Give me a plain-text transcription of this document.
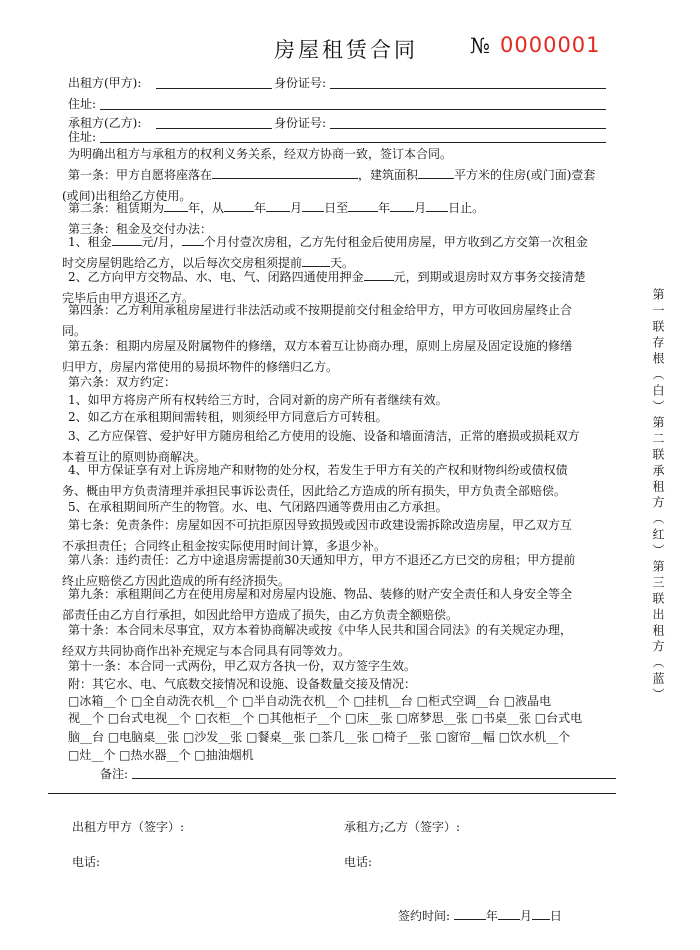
房屋租赁合同 № 0000001
出租方(甲方):	身份证号:
住址:
承租方(乙方):	身份证号:
住址:
为明确出租方与承租方的权利义务关系，经双方协商一致，签订本合同。
第一条：甲方自愿将座落在	，建筑面积	平方米的住房(或门面)壹套
(或间)出租给乙方使用。
第二条：租赁期为 年，从	年 月 日至	年 月 日止。
第三条：租金及交付办法：
1、租金	元/月， 个月付壹次房租，乙方先付租金后使用房屋，甲方收到乙方交第一次租金
时交房屋钥匙给乙方，以后每次交房租须提前 天。
2、乙方向甲方交物品、水、电、气、闭路四通使用押金	元，到期或退房时双方事务交接清楚
完毕后由甲方退还乙方。
第四条：乙方利用承租房屋进行非法活动或不按期提前交付租金给甲方，甲方可收回房屋终止合
同。
第五条：租期内房屋及附属物件的修缮，双方本着互让协商办理，原则上房屋及固定设施的修缮
归甲方，房屋内常使用的易损坏物件的修缮归乙方。
第六条：双方约定：
1、如甲方将房产所有权转给三方时，合同对新的房产所有者继续有效。
2、如乙方在承租期间需转租，则须经甲方同意后方可转租。
3、乙方应保管、爱护好甲方随房租给乙方使用的设施、设备和墙面清洁，正常的磨损或损耗双方
本着互让的原则协商解决。
4、甲方保证享有对上诉房地产和财物的处分权，若发生于甲方有关的产权和财物纠纷或债权债
务、概由甲方负责清理并承担民事诉讼责任，因此给乙方造成的所有损失，甲方负责全部赔偿。
5、在承租期间所产生的物管。水、电、气闭路四通等费用由乙方承担。
第七条：免责条件：房屋如因不可抗拒原因导致损毁或因市政建设需拆除改造房屋，甲乙双方互
不承担责任；合同终止租金按实际使用时间计算，多退少补。
第八条：违约责任：乙方中途退房需提前30天通知甲方，甲方不退还乙方已交的房租；甲方提前
终止应赔偿乙方因此造成的所有经济损失。
第九条：承租期间乙方在使用房屋和对房屋内设施、物品、装修的财产安全责任和人身安全等全
部责任由乙方自行承担，如因此给甲方造成了损失，由乙方负责全额赔偿。
第十条：本合同未尽事宜，双方本着协商解决或按《中华人民共和国合同法》的有关规定办理，
经双方共同协商作出补充规定与本合同具有同等效力。
第十一条：本合同一式两份，甲乙双方各执一份，双方签字生效。
附：其它水、电、气底数交接情况和设施、设备数量交接及情况：
□冰箱__个 □全自动洗衣机__个 □半自动洗衣机__个 □挂机__台 □柜式空调__台 □液晶电
视__个 □台式电视__个 □衣柜__个 □其他柜子__个 □床__张 □席梦思__张 □书桌__张 □台式电
脑__台 □电脑桌__张 □沙发__张 □餐桌__张 □茶几__张 □椅子__张 □窗帘__幅 □饮水机__个
□灶__个 □热水器__个 □抽油烟机
备注:
出租方甲方（签字）:	承租方;乙方（签字）:
电话:	电话:
签约时间:	年 月 日
第一联存根（白）第二联承租方（红）第三联出租方（蓝）
